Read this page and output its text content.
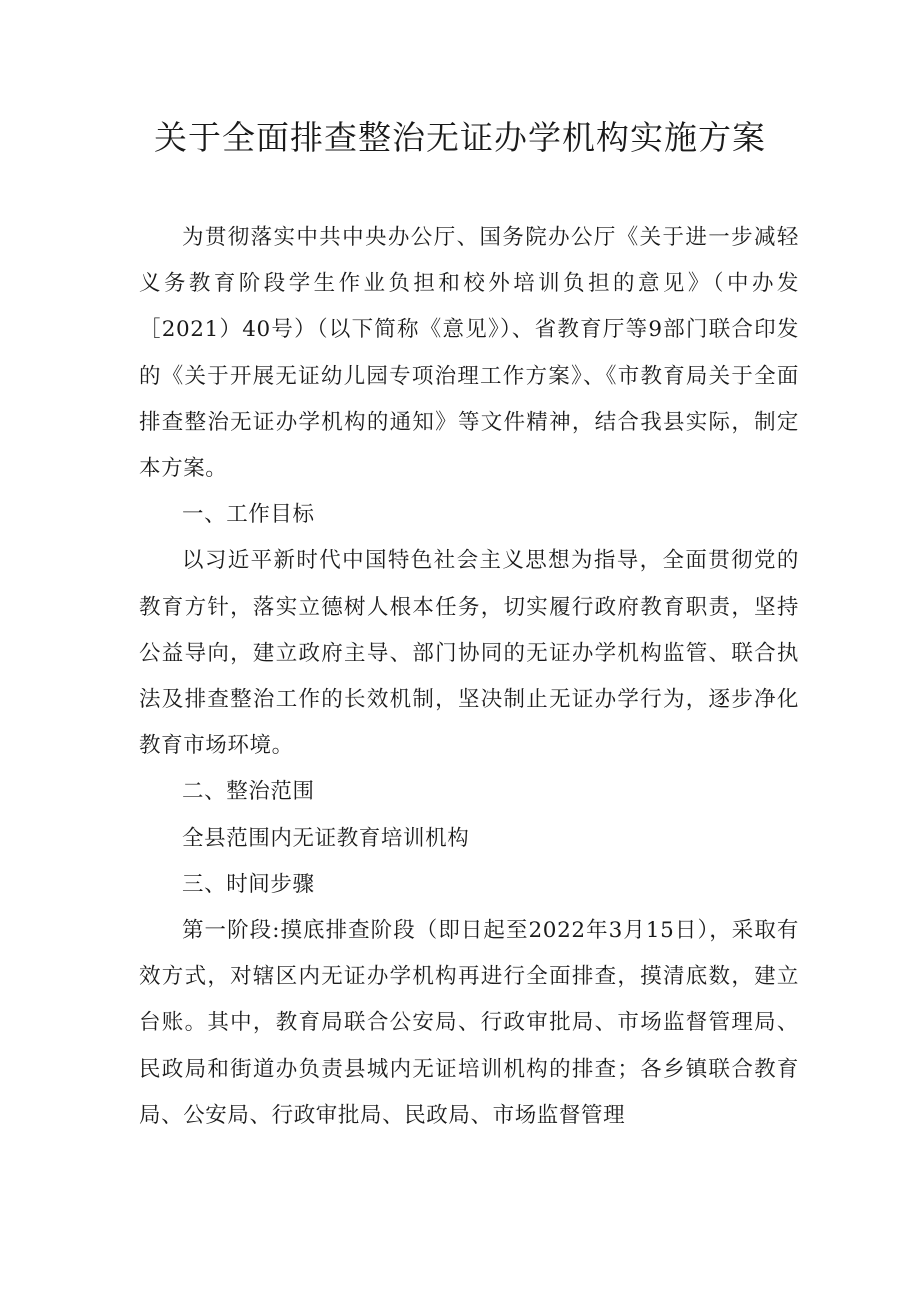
关于全面排查整治无证办学机构实施方案

为贯彻落实中共中央办公厅、国务院办公厅《关于进一步减轻义务教育阶段学生作业负担和校外培训负担的意见》（中办发［2021）40号）（以下简称《意见》）、省教育厅等9部门联合印发的《关于开展无证幼儿园专项治理工作方案》、《市教育局关于全面排查整治无证办学机构的通知》等文件精神，结合我县实际，制定本方案。

一、工作目标

以习近平新时代中国特色社会主义思想为指导，全面贯彻党的教育方针，落实立德树人根本任务，切实履行政府教育职责，坚持公益导向，建立政府主导、部门协同的无证办学机构监管、联合执法及排查整治工作的长效机制，坚决制止无证办学行为，逐步净化教育市场环境。

二、整治范围

全县范围内无证教育培训机构

三、时间步骤

第一阶段:摸底排查阶段（即日起至2022年3月15日），采取有效方式，对辖区内无证办学机构再进行全面排查，摸清底数，建立台账。其中，教育局联合公安局、行政审批局、市场监督管理局、民政局和街道办负责县城内无证培训机构的排查；各乡镇联合教育局、公安局、行政审批局、民政局、市场监督管理
